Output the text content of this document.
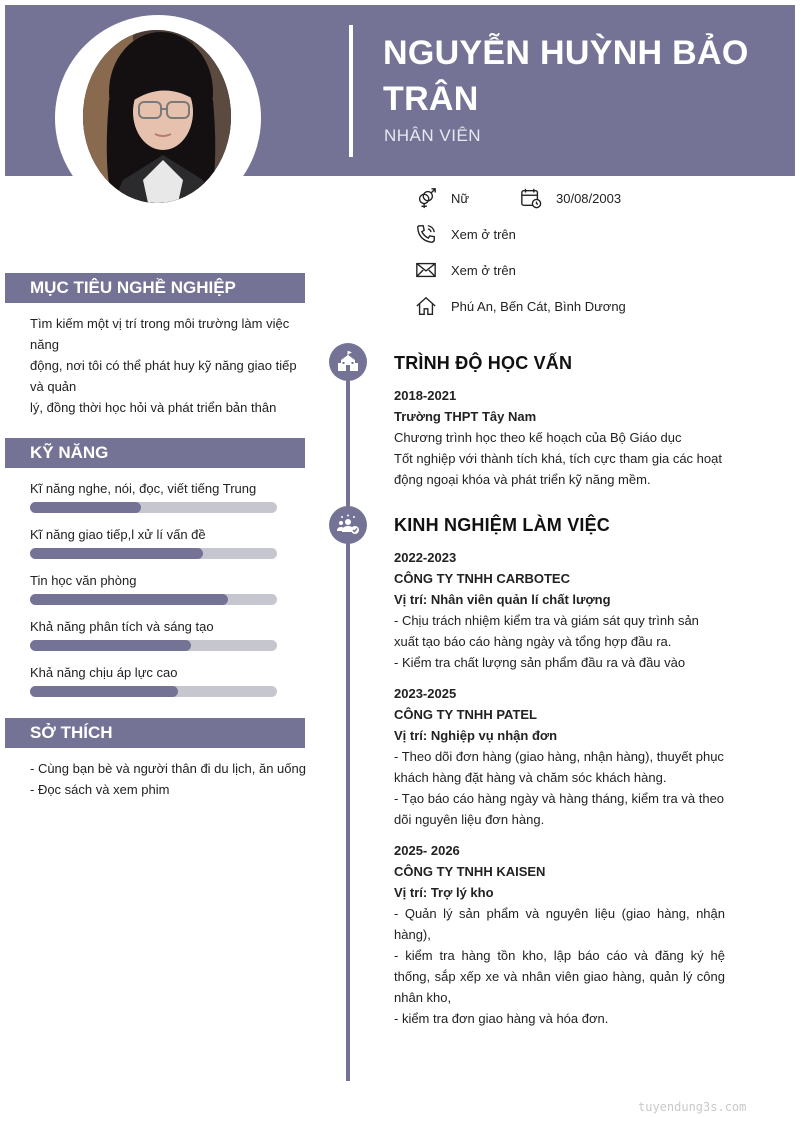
NGUYỄN HUỲNH BẢO TRÂN
NHÂN VIÊN
Nữ	30/08/2003
Xem ở trên
Xem ở trên
Phú An, Bến Cát, Bình Dương
MỤC TIÊU NGHỀ NGHIỆP
Tìm kiếm một vị trí trong môi trường làm việc năng
động, nơi tôi có thể phát huy kỹ năng giao tiếp và quản
lý, đồng thời học hỏi và phát triển bản thân
KỸ NĂNG
Kĩ năng nghe, nói, đọc, viết tiếng Trung
Kĩ năng giao tiếp,l xử lí vấn đề
Tin học văn phòng
Khả năng phân tích và sáng tạo
Khả năng chịu áp lực cao
SỞ THÍCH
- Cùng bạn bè và người thân đi du lịch, ăn uống
- Đọc sách và xem phim
TRÌNH ĐỘ HỌC VẤN
2018-2021
Trường THPT Tây Nam
Chương trình học theo kế hoạch của Bộ Giáo dục
Tốt nghiệp với thành tích khá, tích cực tham gia các hoạt động ngoại khóa và phát triển kỹ năng mềm.
KINH NGHIỆM LÀM VIỆC
2022-2023
CÔNG TY TNHH CARBOTEC
Vị trí: Nhân viên quản lí chất lượng
- Chịu trách nhiệm kiểm tra và giám sát quy trình sản xuất tạo báo cáo hàng ngày và tổng hợp đầu ra.
- Kiểm tra chất lượng sản phẩm đầu ra và đầu vào
2023-2025
CÔNG TY TNHH PATEL
Vị trí: Nghiệp vụ nhận đơn
- Theo dõi đơn hàng (giao hàng, nhận hàng), thuyết phục khách hàng đặt hàng và chăm sóc khách hàng.
- Tạo báo cáo hàng ngày và hàng tháng, kiểm tra và theo dõi nguyên liệu đơn hàng.
2025- 2026
CÔNG TY TNHH KAISEN
Vị trí: Trợ lý kho
- Quản lý sản phẩm và nguyên liệu (giao hàng, nhận hàng),
- kiểm tra hàng tồn kho, lập báo cáo và đăng ký hệ thống, sắp xếp xe và nhân viên giao hàng, quản lý công nhân kho,
- kiểm tra đơn giao hàng và hóa đơn.
tuyendung3s.com
